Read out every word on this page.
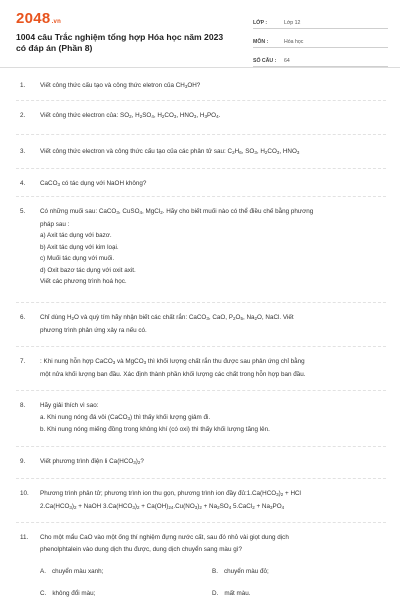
2048.vn
1004 câu Trắc nghiệm tổng hợp Hóa học năm 2023 có đáp án (Phần 8)
LỚP :	Lớp 12
MÔN :	Hóa học
SỐ CÂU :	64
1. Viết công thức cấu tạo và công thức eletron của $CH_3OH$?
2. Viết công thức electron của: $SO_2$, $H_2SO_4$, $H_2CO_3$, $HNO_3$, $H_3PO_4$.
3. Viết công thức electron và công thức cấu tạo của các phân tử sau: $C_2H_6$, $SO_3$, $H_2CO_3$, $HNO_3$
4. CaCO$_3$ có tác dụng với NaOH không?
5. Có những muối sau: CaCO$_3$, CuSO$_4$, MgCl$_2$. Hãy cho biết muối nào có thể điều chế bằng phương
pháp sau :
a) Axit tác dụng với bazơ.
b) Axit tác dụng với kim loại.
c) Muối tác dụng với muối.
d) Oxit bazơ tác dụng với oxit axit.
Viết các phương trình hoá học.
6. Chỉ dùng $H_2O$ và quỳ tím hãy nhận biết các chất rắn: CaCO$_3$, CaO, $P_2O_5$, $Na_2O$, NaCl. Viết
phương trình phản ứng xảy ra nếu có.
7. : Khi nung hỗn hợp CaCO$_3$ và MgCO$_3$ thì khối lượng chất rắn thu được sau phản ứng chỉ bằng
một nửa khối lượng ban đầu. Xác định thành phần khối lượng các chất trong hỗn hợp ban đầu.
8. Hãy giải thích vì sao:
a. Khi nung nóng đá vôi (CaCO$_3$) thì thấy khối lượng giảm đi.
b. Khi nung nóng miếng đồng trong không khí (có oxi) thì thấy khối lượng tăng lên.
9. Viết phương trình điện li $Ca(HCO_3)_2$?
10. Phương trình phân tử; phương trình ion thu gọn, phương trình ion đầy $đủ:1.Ca(HCO_3)_2$ + HCl
$2.Ca(HCO_3)_2$ + NaOH $3.Ca(HCO_3)_2 + Ca(OH)_{24}.Cu(NO_3)_2 + Na_2SO_4$ 5.CaCl$_2$ + $Na_3PO_4$
11. Cho một mẩu CaO vào một ống thí nghiệm đựng nước cất, sau đó nhỏ vài giọt dung dịch
phenolphtalein vào dung dịch thu được, dung dịch chuyển sang màu gì?
A. chuyển màu xanh;	B. chuyển màu đỏ;
C. không đổi màu;	D. mất màu.
